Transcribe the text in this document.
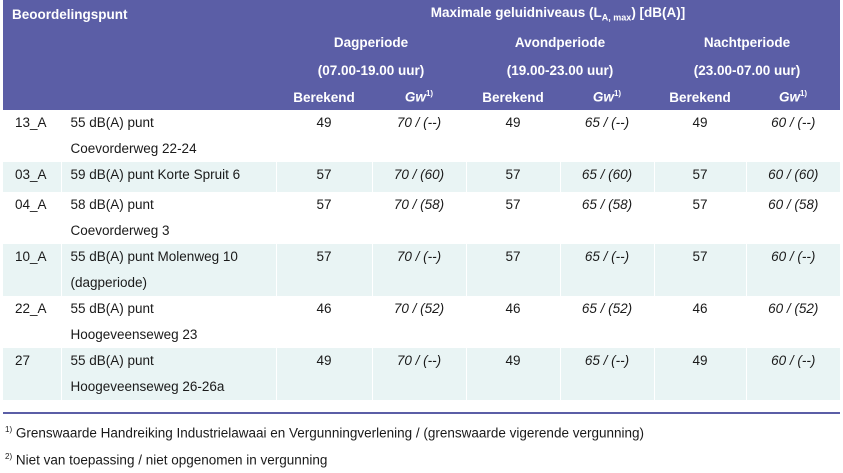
Beoordelingspunt		Maximale geluidniveaus $(L_{A, max})$ [dB(A)]					
		Dagperiode		Avondperiode		Nachtperiode	
		(07.00-19.00 uur)		(19.00-23.00 uur)		(23.00-07.00 uur)	
		Berekend	Gw$^{1)}$	Berekend	Gw$^{1)}$	Berekend	Gw$^{1)}$
13_A	55 dB(A) punt
Coevorderweg 22-24	49	70 / (--)	49	65 / (--)	49	60 / (--)
03_A	59 dB(A) punt Korte Spruit 6	57	70 / (60)	57	65 / (60)	57	60 / (60)
04_A	58 dB(A) punt
Coevorderweg 3	57	70 / (58)	57	65 / (58)	57	60 / (58)
10_A	55 dB(A) punt Molenweg 10
(dagperiode)	57	70 / (--)	57	65 / (--)	57	60 / (--)
22_A	55 dB(A) punt
Hoogeveenseweg 23	46	70 / (52)	46	65 / (52)	46	60 / (52)
27	55 dB(A) punt
Hoogeveenseweg 26-26a	49	70 / (--)	49	65 / (--)	49	60 / (--)
$^{1)}$ Grenswaarde Handreiking Industrielawaai en Vergunningverlening / (grenswaarde vigerende vergunning)
$^{2)}$ Niet van toepassing / niet opgenomen in vergunning
